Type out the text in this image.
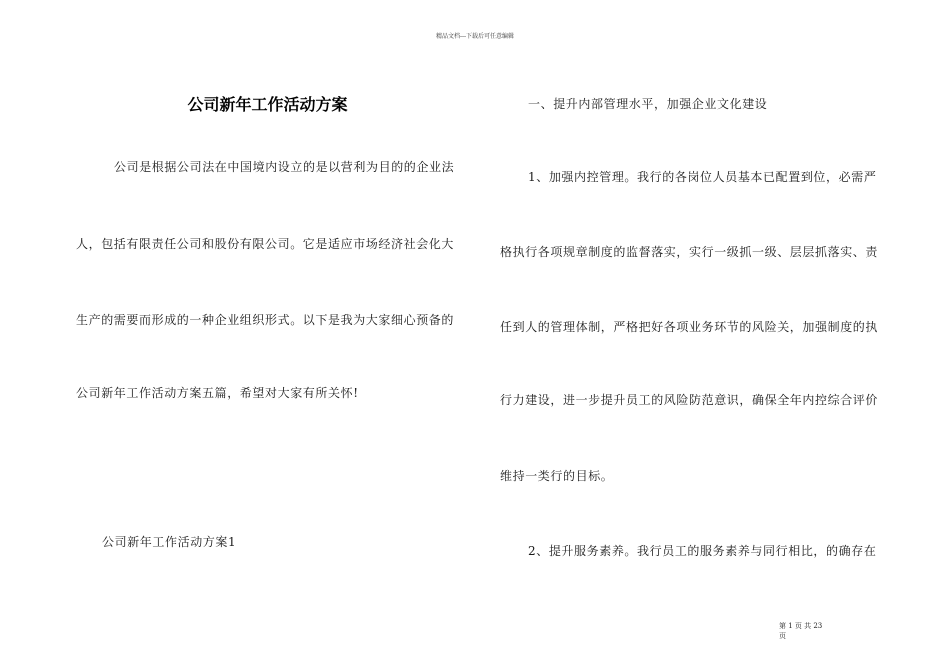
精品文档---下载后可任意编辑
公司新年工作活动方案
公司是根据公司法在中国境内设立的是以营利为目的的企业法
人，包括有限责任公司和股份有限公司。它是适应市场经济社会化大
生产的需要而形成的一种企业组织形式。以下是我为大家细心预备的
公司新年工作活动方案五篇，希望对大家有所关怀!
公司新年工作活动方案1
一、提升内部管理水平，加强企业文化建设
1、加强内控管理。我行的各岗位人员基本已配置到位，必需严
格执行各项规章制度的监督落实，实行一级抓一级、层层抓落实、责
任到人的管理体制，严格把好各项业务环节的风险关，加强制度的执
行力建设，进一步提升员工的风险防范意识，确保全年内控综合评价
维持一类行的目标。
2、提升服务素养。我行员工的服务素养与同行相比，的确存在
第 1 页 共 23
页
